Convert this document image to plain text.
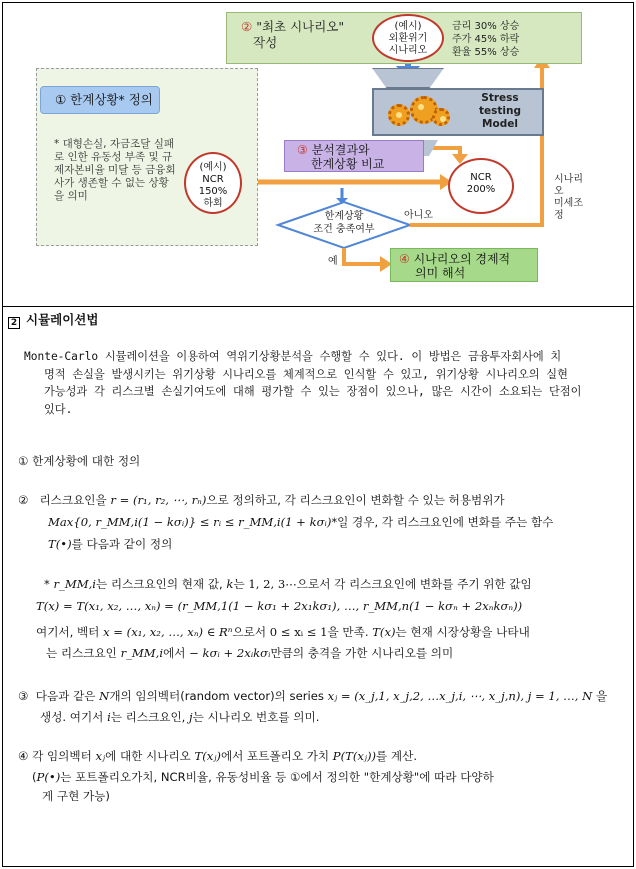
② "최초 시나리오"
작성
(예시)
외환위기
시나리오
금리 30% 상승
주가 45% 하락
환율 55% 상승
① 한계상황* 정의
* 대형손실, 자금조달 실패로 인한 유동성 부족 및 규제자본비율 미달 등 금융회사가 생존할 수 없는 상황을 의미
Stress
testing
Model
(예시)
NCR
150%
하회
NCR
200%
③ 분석결과와
한계상황 비교
한계상황
조건 충족여부
아니오
예
시나리오
미세조정
④ 시나리오의 경제적
의미 해석
2 시뮬레이션법
Monte-Carlo 시뮬레이션을 이용하여 역위기상황분석을 수행할 수 있다. 이 방법은 금융투자회사에 치
명적 손실을 발생시키는 위기상황 시나리오를 체계적으로 인식할 수 있고, 위기상황 시나리오의 실현
가능성과 각 리스크별 손실기여도에 대해 평가할 수 있는 장점이 있으나, 많은 시간이 소요되는 단점이
있다.
① 한계상황에 대한 정의
② 리스크요인을 r = (r₁, r₂, ⋯, rₙ)으로 정의하고, 각 리스크요인이 변화할 수 있는 허용범위가
Max{0, r_MM,i(1 − kσᵢ)} ≤ rᵢ ≤ r_MM,i(1 + kσᵢ)*일 경우, 각 리스크요인에 변화를 주는 함수
T(•)를 다음과 같이 정의
* r_MM,i는 리스크요인의 현재 값, k는 1, 2, 3⋯으로서 각 리스크요인에 변화를 주기 위한 값임
T(x) = T(x₁, x₂, …, xₙ) = (r_MM,1(1 − kσ₁ + 2x₁kσ₁), …, r_MM,n(1 − kσₙ + 2xₙkσₙ))
여기서, 벡터 x = (x₁, x₂, …, xₙ) ∈ Rⁿ으로서 0 ≤ xᵢ ≤ 1을 만족. T(x)는 현재 시장상황을 나타내
는 리스크요인 r_MM,i에서 − kσᵢ + 2xᵢkσᵢ만큼의 충격을 가한 시나리오를 의미
③ 다음과 같은 N개의 임의벡터(random vector)의 series xⱼ = (x_j,1, x_j,2, …x_j,i, ⋯, x_j,n), j = 1, …, N 을
생성. 여기서 i는 리스크요인, j는 시나리오 번호를 의미.
④ 각 임의벡터 xⱼ에 대한 시나리오 T(xⱼ)에서 포트폴리오 가치 P(T(xⱼ))를 계산.
(P(•)는 포트폴리오가치, NCR비율, 유동성비율 등 ①에서 정의한 "한계상황"에 따라 다양하
게 구현 가능)
